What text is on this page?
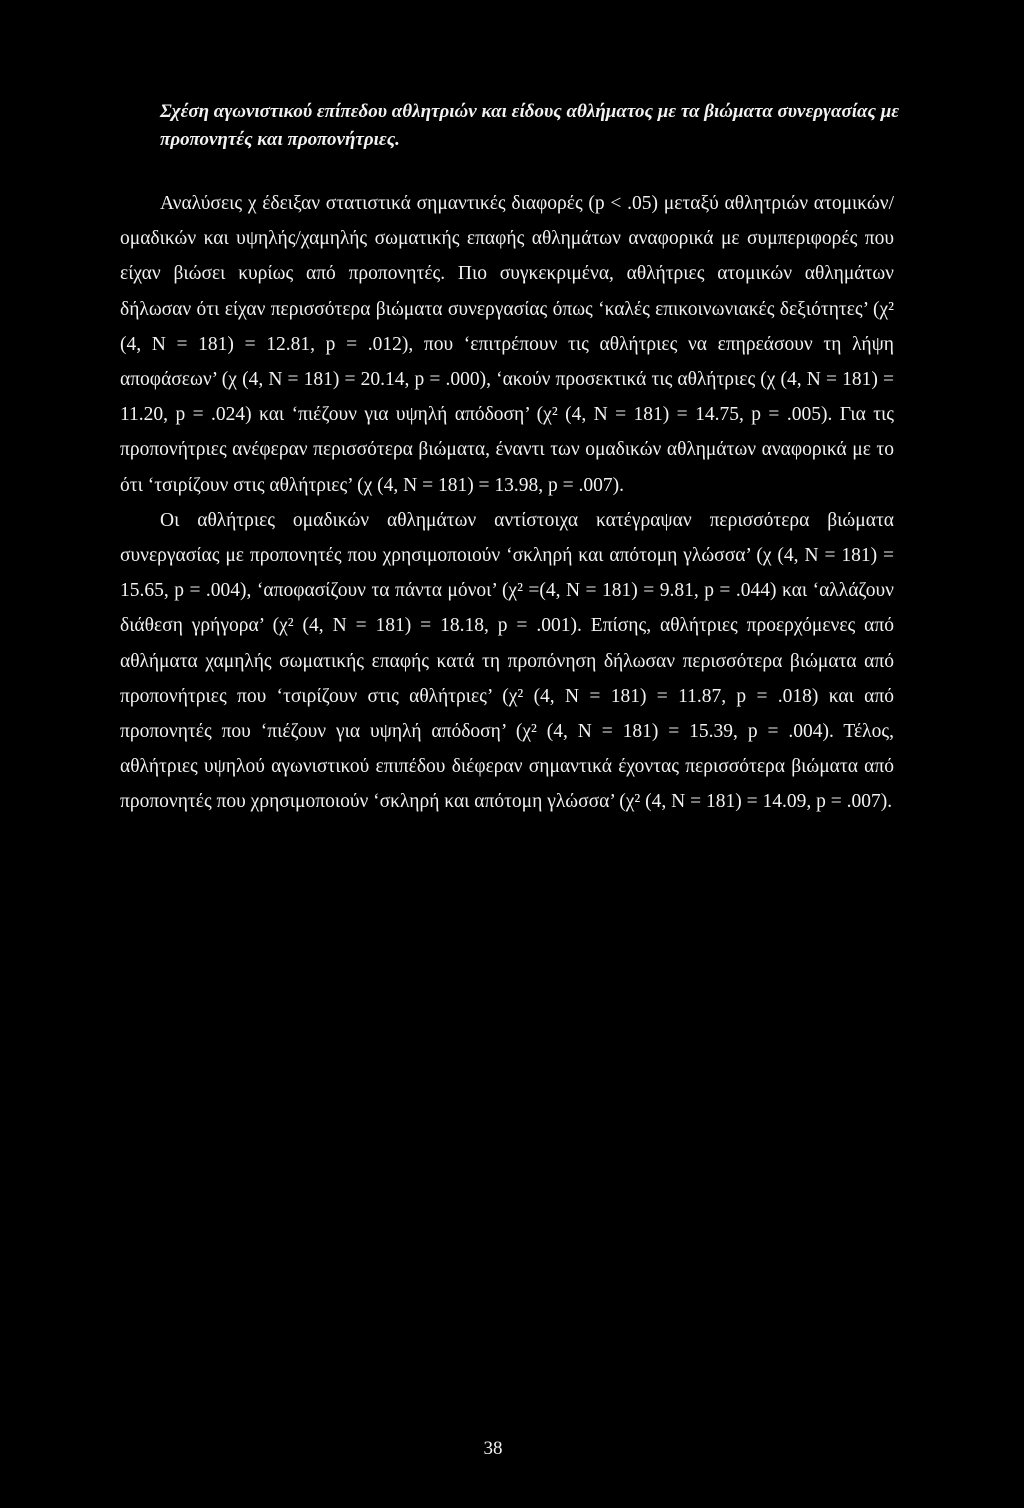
Σχέση αγωνιστικού επίπεδου αθλητριών και είδους αθλήματος με τα βιώματα συνεργασίας με προπονητές και προπονήτριες.

Αναλύσεις χ έδειξαν στατιστικά σημαντικές διαφορές (p < .05) μεταξύ αθλητριών ατομικών/ομαδικών και υψηλής/χαμηλής σωματικής επαφής αθλημάτων αναφορικά με συμπεριφορές που είχαν βιώσει κυρίως από προπονητές. Πιο συγκεκριμένα, αθλήτριες ατομικών αθλημάτων δήλωσαν ότι είχαν περισσότερα βιώματα συνεργασίας όπως ‘καλές επικοινωνιακές δεξιότητες’ (χ² (4, N = 181) = 12.81, p = .012), που ‘επιτρέπουν τις αθλήτριες να επηρεάσουν τη λήψη αποφάσεων’ (χ (4, N = 181) = 20.14, p = .000), ‘ακούν προσεκτικά τις αθλήτριες (χ (4, N = 181) = 11.20, p = .024) και ‘πιέζουν για υψηλή απόδοση’ (χ² (4, N = 181) = 14.75, p = .005). Για τις προπονήτριες ανέφεραν περισσότερα βιώματα, έναντι των ομαδικών αθλημάτων αναφορικά με το ότι ‘τσιρίζουν στις αθλήτριες’ (χ (4, N = 181) = 13.98, p = .007).

Οι αθλήτριες ομαδικών αθλημάτων αντίστοιχα κατέγραψαν περισσότερα βιώματα συνεργασίας με προπονητές που χρησιμοποιούν ‘σκληρή και απότομη γλώσσα’ (χ (4, N = 181) = 15.65, p = .004), ‘αποφασίζουν τα πάντα μόνοι’ (χ² =(4, N = 181) = 9.81, p = .044) και ‘αλλάζουν διάθεση γρήγορα’ (χ² (4, N = 181) = 18.18, p = .001). Επίσης, αθλήτριες προερχόμενες από αθλήματα χαμηλής σωματικής επαφής κατά τη προπόνηση δήλωσαν περισσότερα βιώματα από προπονήτριες που ‘τσιρίζουν στις αθλήτριες’ (χ² (4, N = 181) = 11.87, p = .018) και από προπονητές που ‘πιέζουν για υψηλή απόδοση’ (χ² (4, N = 181) = 15.39, p = .004). Τέλος, αθλήτριες υψηλού αγωνιστικού επιπέδου διέφεραν σημαντικά έχοντας περισσότερα βιώματα από προπονητές που χρησιμοποιούν ‘σκληρή και απότομη γλώσσα’ (χ² (4, N = 181) = 14.09, p = .007).

38
